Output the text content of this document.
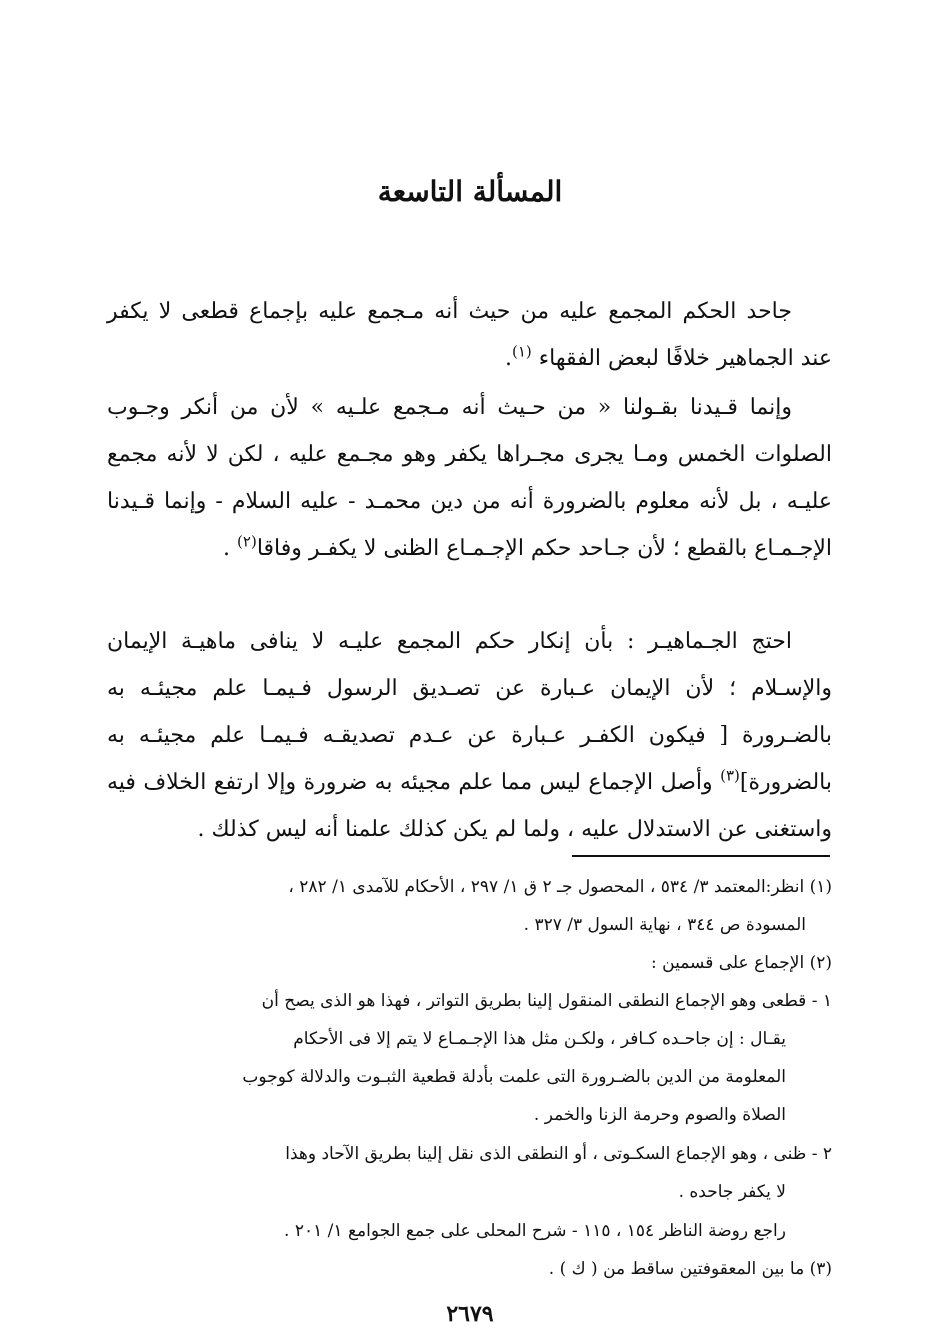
المسألة التاسعة

جاحد الحكم المجمع عليه من حيث أنه مـجمع عليه بإجماع قطعى لا يكفر عند الجماهير خلافًا لبعض الفقهاء $^{(١)}$.

وإنما قـيدنا بقـولنا « من حـيث أنه مـجمع علـيه » لأن من أنكر وجـوب الصلوات الخمس ومـا يجرى مجـراها يكفر وهو مجـمع عليه ، لكن لا لأنه مجمع عليـه ، بل لأنه معلوم بالضرورة أنه من دين محمـد - عليه السلام - وإنما قـيدنا الإجـمـاع بالقطع ؛ لأن جـاحد حكم الإجـمـاع الظنى لا يكفـر وفاقا$^{(٢)}$ .

احتج الجـماهيـر : بأن إنكار حكم المجمع عليـه لا ينافى ماهيـة الإيمان والإسـلام ؛ لأن الإيمان عـبارة عن تصـديق الرسول فـيمـا علم مجيئـه به بالضـرورة [ فيكون الكفـر عـبارة عن عـدم تصديقـه فـيمـا علم مجيئـه به بالضرورة]$^{(٣)}$ وأصل الإجماع ليس مما علم مجيئه به ضرورة وإلا ارتفع الخلاف فيه واستغنى عن الاستدلال عليه ، ولما لم يكن كذلك علمنا أنه ليس كذلك .

(١) انظر:المعتمد ٣/ ٥٣٤ ، المحصول جـ ٢ ق ١/ ٢٩٧ ، الأحكام للآمدى ١/ ٢٨٢ ،
المسودة ص ٣٤٤ ، نهاية السول ٣/ ٣٢٧ .
(٢) الإجماع على قسمين :
١ - قطعى وهو الإجماع النطقى المنقول إلينا بطريق التواتر ، فهذا هو الذى يصح أن
يقـال : إن جاحـده كـافر ، ولكـن مثل هذا الإجـمـاع لا يتم إلا فى الأحكام
المعلومة من الدين بالضـرورة التى علمت بأدلة قطعية الثبـوت والدلالة كوجوب
الصلاة والصوم وحرمة الزنا والخمر .
٢ - ظنى ، وهو الإجماع السكـوتى ، أو النطقى الذى نقل إلينا بطريق الآحاد وهذا
لا يكفر جاحده .
راجع روضة الناظر ١٥٤ ، ١١٥ - شرح المحلى على جمع الجوامع ١/ ٢٠١ .
(٣) ما بين المعقوفتين ساقط من ( ك ) .
٢٦٧٩
